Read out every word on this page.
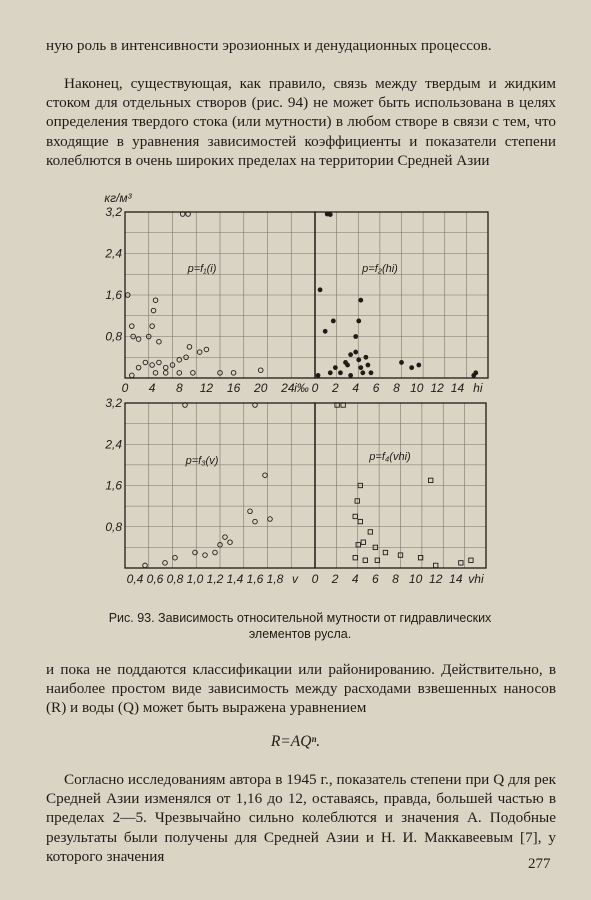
ную роль в интенсивности эрозионных и денудационных процессов.

Наконец, существующая, как правило, связь между твердым и жидким стоком для отдельных створов (рис. 94) не может быть использована в целях определения твердого стока (или мутности) в любом створе в связи с тем, что входящие в уравнения зависимостей коэффициенты и показатели степени колеблются в очень широких пределах на территории Средней Азии

3,2
2,4
1,6
0,8
0 4 8 12 16 20 24 i‰
p=f₁(i)
0 2 4 6 8 10 12 14 hi
p=f₂(hi)
3,2
2,4
1,6
0,8
0,4 0,6 0,8 1,0 1,2 1,4 1,6 1,8 v
p=f₃(v)
0 2 4 6 8 10 12 14 vhi
p=f₄(vhi)
кг/м³

Рис. 93. Зависимость относительной мутности от гидравлических элементов русла.

и пока не поддаются классификации или районированию. Действительно, в наиболее простом виде зависимость между расходами взвешенных наносов (R) и воды (Q) может быть выражена уравнением

R=AQⁿ.

Согласно исследованиям автора в 1945 г., показатель степени при Q для рек Средней Азии изменялся от 1,16 до 12, оставаясь, правда, большей частью в пределах 2—5. Чрезвычайно сильно колеблются и значения A. Подобные результаты были получены для Средней Азии и Н. И. Маккавеевым [7], у которого значения	277
